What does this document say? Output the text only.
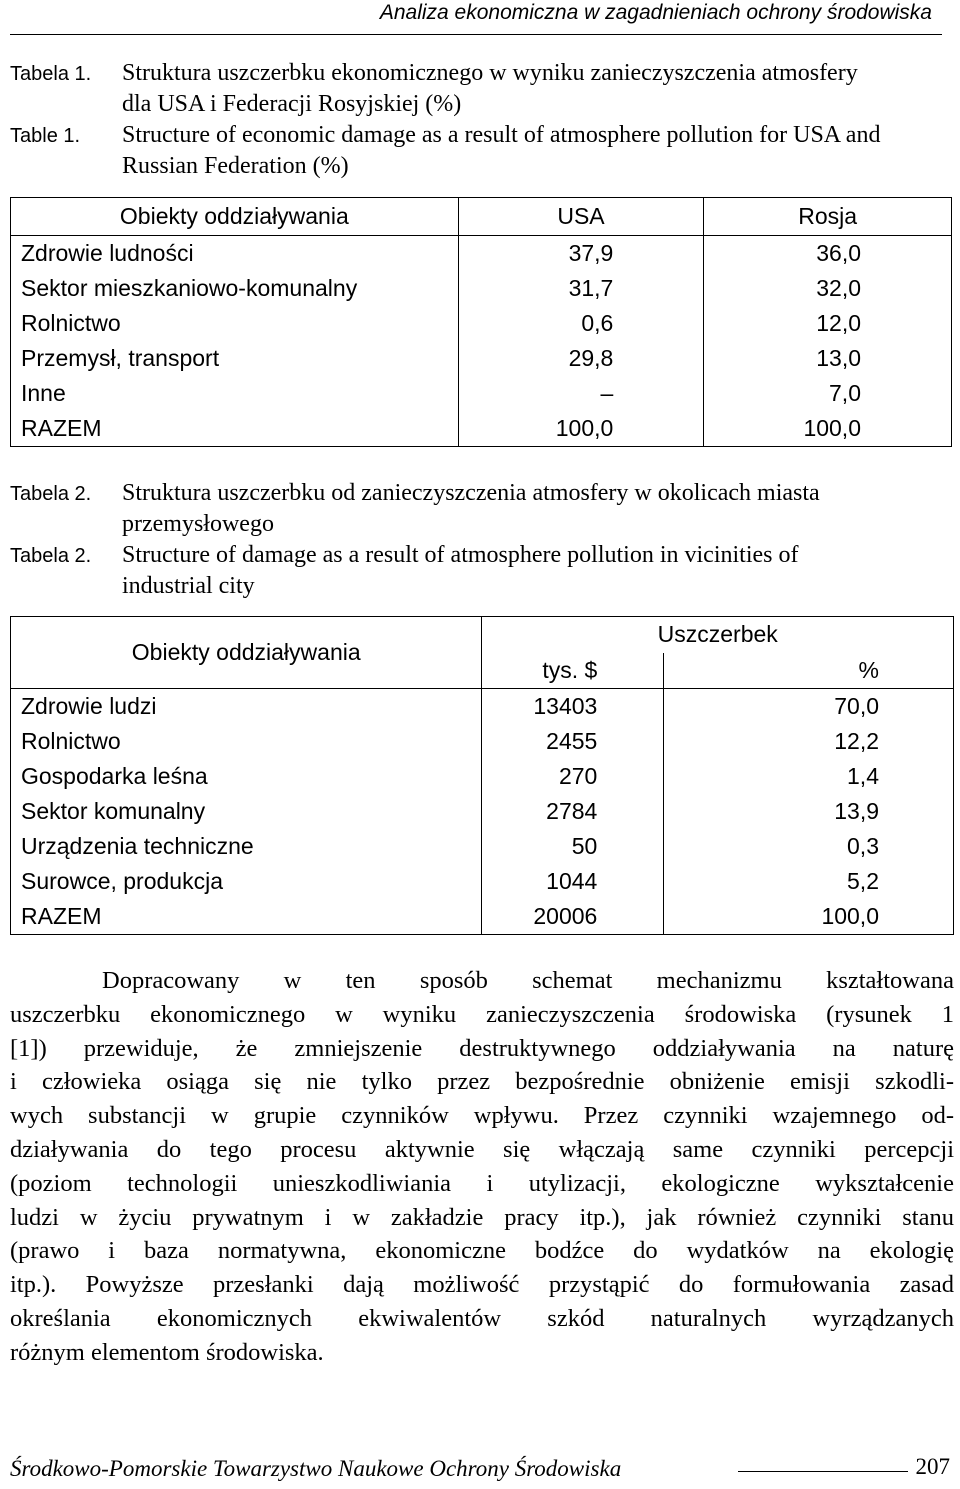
Analiza ekonomiczna w zagadnieniach ochrony środowiska
Tabela 1. Struktura uszczerbku ekonomicznego w wyniku zanieczyszczenia atmosfery
dla USA i Federacji Rosyjskiej (%)
Table 1. Structure of economic damage as a result of atmosphere pollution for USA and
Russian Federation (%)
Obiekty oddziaływania	USA	Rosja
Zdrowie ludności	37,9	36,0
Sektor mieszkaniowo-komunalny	31,7	32,0
Rolnictwo	0,6	12,0
Przemysł, transport	29,8	13,0
Inne	–	7,0
RAZEM	100,0	100,0
Tabela 2. Struktura uszczerbku od zanieczyszczenia atmosfery w okolicach miasta
przemysłowego
Tabela 2. Structure of damage as a result of atmosphere pollution in vicinities of
industrial city
Obiekty oddziaływania	Uszczerbek	
	tys. $	%
Zdrowie ludzi	13403	70,0
Rolnictwo	2455	12,2
Gospodarka leśna	270	1,4
Sektor komunalny	2784	13,9
Urządzenia techniczne	50	0,3
Surowce, produkcja	1044	5,2
RAZEM	20006	100,0
Dopracowany w ten sposób schemat mechanizmu kształtowana
uszczerbku ekonomicznego w wyniku zanieczyszczenia środowiska (rysunek 1
[1]) przewiduje, że zmniejszenie destruktywnego oddziaływania na naturę
i człowieka osiąga się nie tylko przez bezpośrednie obniżenie emisji szkodli-
wych substancji w grupie czynników wpływu. Przez czynniki wzajemnego od-
działywania do tego procesu aktywnie się włączają same czynniki percepcji
(poziom technologii unieszkodliwiania i utylizacji, ekologiczne wykształcenie
ludzi w życiu prywatnym i w zakładzie pracy itp.), jak również czynniki stanu
(prawo i baza normatywna, ekonomiczne bodźce do wydatków na ekologię
itp.). Powyższe przesłanki dają możliwość przystąpić do formułowania zasad
określania ekonomicznych ekwiwalentów szkód naturalnych wyrządzanych
różnym elementom środowiska.
Środkowo-Pomorskie Towarzystwo Naukowe Ochrony Środowiska	207
